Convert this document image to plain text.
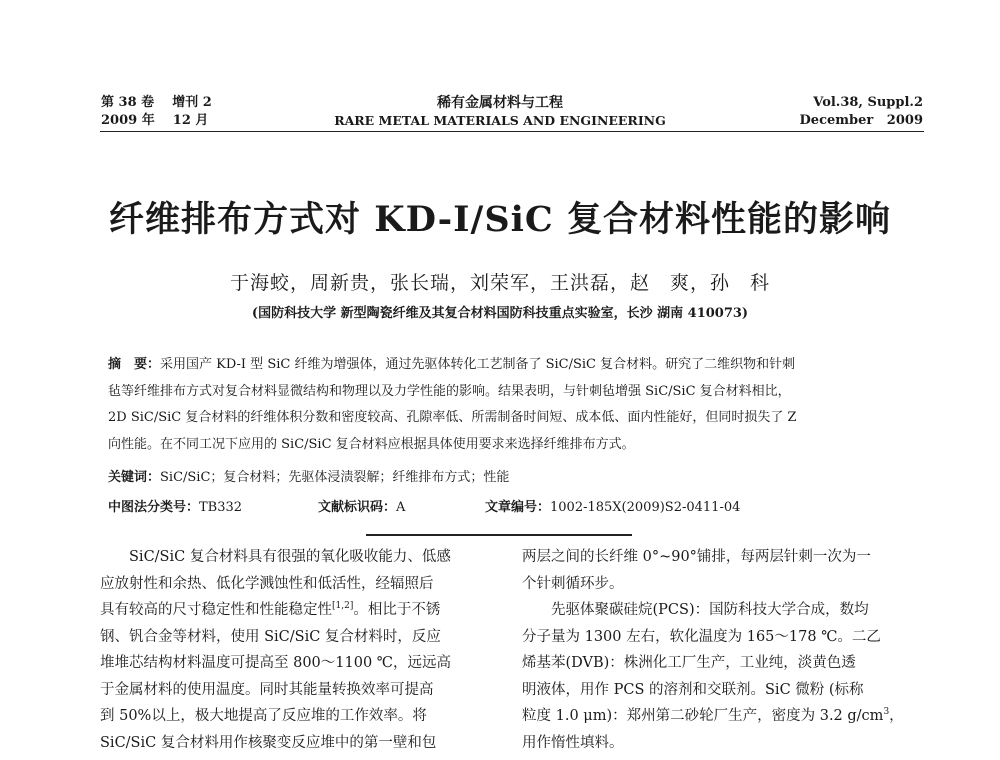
第 38 卷    增刊 2
2009 年    12 月
稀有金属材料与工程
RARE METAL MATERIALS AND ENGINEERING
Vol.38, Suppl.2
December   2009
纤维排布方式对 KD-I/SiC 复合材料性能的影响
于海蛟，周新贵，张长瑞，刘荣军，王洪磊，赵　爽，孙　科
(国防科技大学 新型陶瓷纤维及其复合材料国防科技重点实验室，长沙 湖南 410073)
摘　要：采用国产 KD-I 型 SiC 纤维为增强体，通过先驱体转化工艺制备了 SiC/SiC 复合材料。研究了二维织物和针刺
毡等纤维排布方式对复合材料显微结构和物理以及力学性能的影响。结果表明，与针刺毡增强 SiC/SiC 复合材料相比，
2D SiC/SiC 复合材料的纤维体积分数和密度较高、孔隙率低、所需制备时间短、成本低、面内性能好，但同时损失了 Z
向性能。在不同工况下应用的 SiC/SiC 复合材料应根据具体使用要求来选择纤维排布方式。
关键词：SiC/SiC；复合材料；先驱体浸渍裂解；纤维排布方式；性能
中图法分类号：TB332	文献标识码：A	文章编号：1002-185X(2009)S2-0411-04
SiC/SiC 复合材料具有很强的氧化吸收能力、低感
应放射性和余热、低化学溅蚀性和低活性，经辐照后
具有较高的尺寸稳定性和性能稳定性[1,2]。相比于不锈
钢、钒合金等材料，使用 SiC/SiC 复合材料时，反应
堆堆芯结构材料温度可提高至 800～1100 ℃，远远高
于金属材料的使用温度。同时其能量转换效率可提高
到 50%以上，极大地提高了反应堆的工作效率。将
SiC/SiC 复合材料用作核聚变反应堆中的第一壁和包
两层之间的长纤维 0°~90°铺排，每两层针刺一次为一
个针刺循环步。
先驱体聚碳硅烷(PCS)：国防科技大学合成，数均
分子量为 1300 左右，软化温度为 165～178 ℃。二乙
烯基苯(DVB)：株洲化工厂生产，工业纯，淡黄色透
明液体，用作 PCS 的溶剂和交联剂。SiC 微粉 (标称
粒度 1.0 μm)：郑州第二砂轮厂生产，密度为 3.2 $g/cm^3$，
用作惰性填料。
